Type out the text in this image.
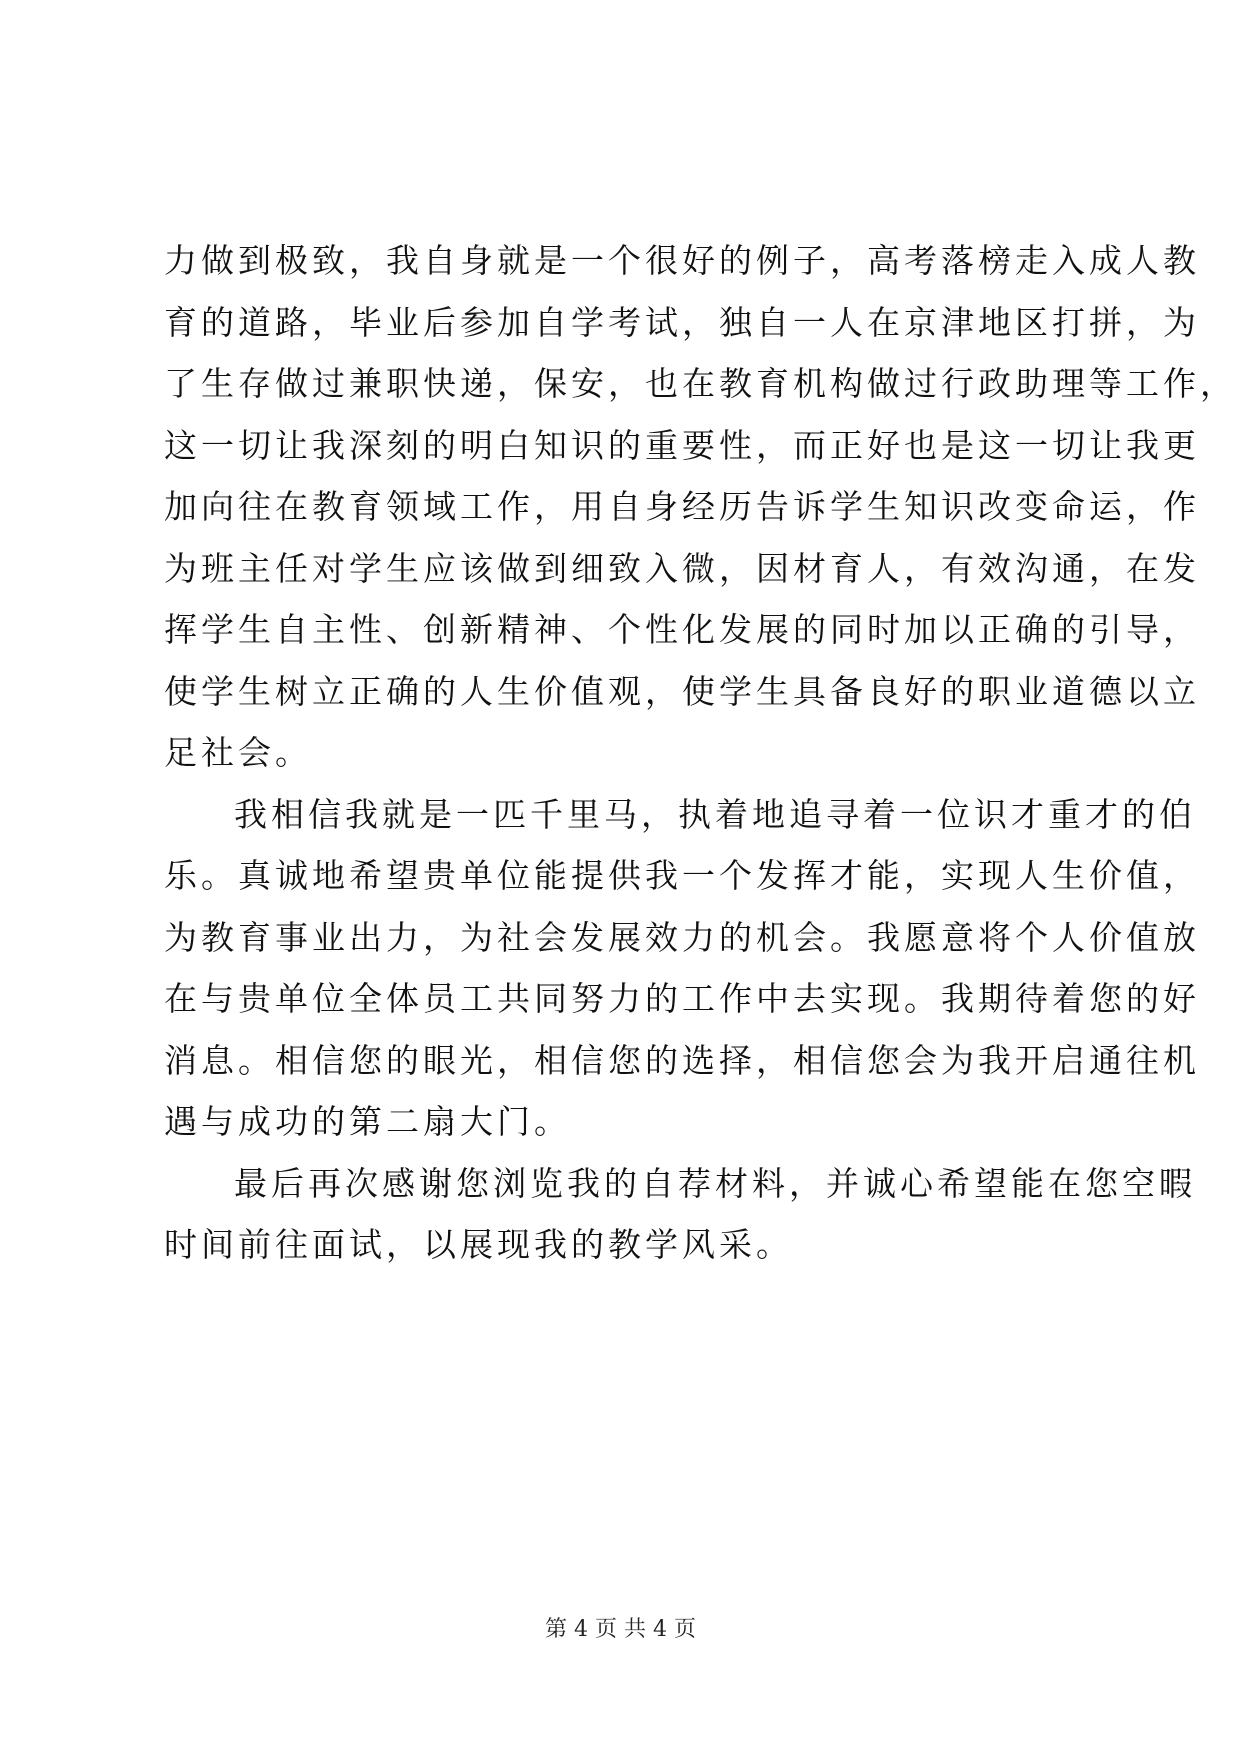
力做到极致，我自身就是一个很好的例子，高考落榜走入成人教
育的道路，毕业后参加自学考试，独自一人在京津地区打拼，为
了生存做过兼职快递，保安，也在教育机构做过行政助理等工作，
这一切让我深刻的明白知识的重要性，而正好也是这一切让我更
加向往在教育领域工作，用自身经历告诉学生知识改变命运，作
为班主任对学生应该做到细致入微，因材育人，有效沟通，在发
挥学生自主性、创新精神、个性化发展的同时加以正确的引导，
使学生树立正确的人生价值观，使学生具备良好的职业道德以立
足社会。
我相信我就是一匹千里马，执着地追寻着一位识才重才的伯
乐。真诚地希望贵单位能提供我一个发挥才能，实现人生价值，
为教育事业出力，为社会发展效力的机会。我愿意将个人价值放
在与贵单位全体员工共同努力的工作中去实现。我期待着您的好
消息。相信您的眼光，相信您的选择，相信您会为我开启通往机
遇与成功的第二扇大门。
最后再次感谢您浏览我的自荐材料，并诚心希望能在您空暇
时间前往面试，以展现我的教学风采。
第 4 页 共 4 页
